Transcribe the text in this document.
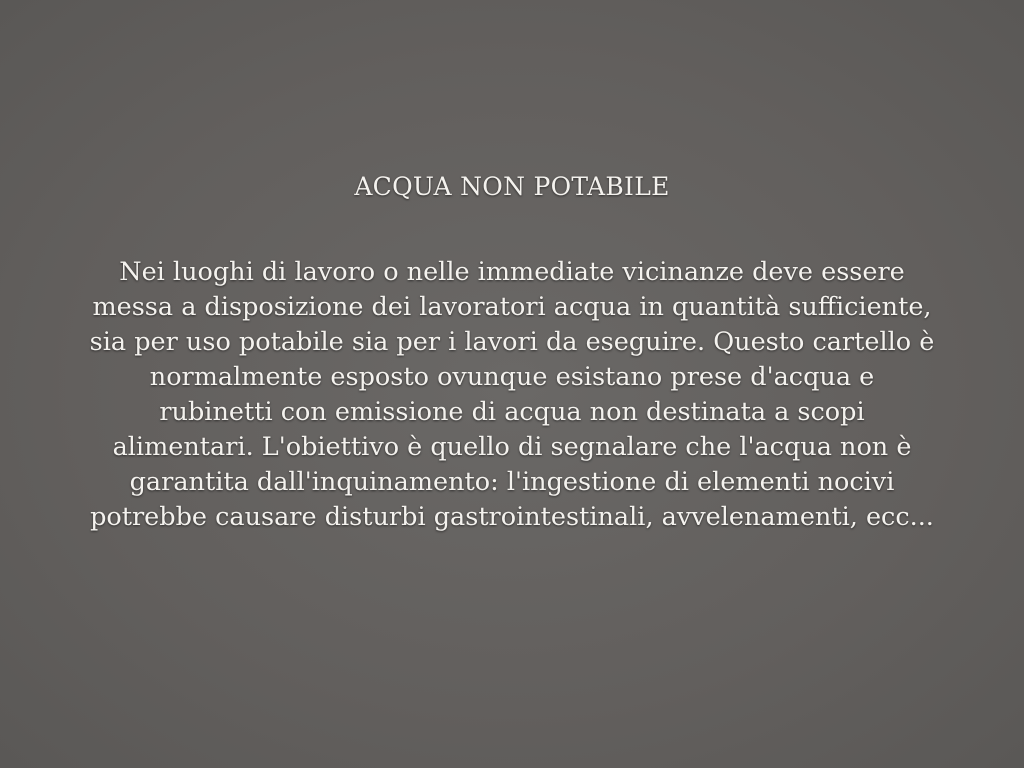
ACQUA NON POTABILE

Nei luoghi di lavoro o nelle immediate vicinanze deve essere
messa a disposizione dei lavoratori acqua in quantità sufficiente,
sia per uso potabile sia per i lavori da eseguire. Questo cartello è
normalmente esposto ovunque esistano prese d'acqua e
rubinetti con emissione di acqua non destinata a scopi
alimentari. L'obiettivo è quello di segnalare che l'acqua non è
garantita dall'inquinamento: l'ingestione di elementi nocivi
potrebbe causare disturbi gastrointestinali, avvelenamenti, ecc...
